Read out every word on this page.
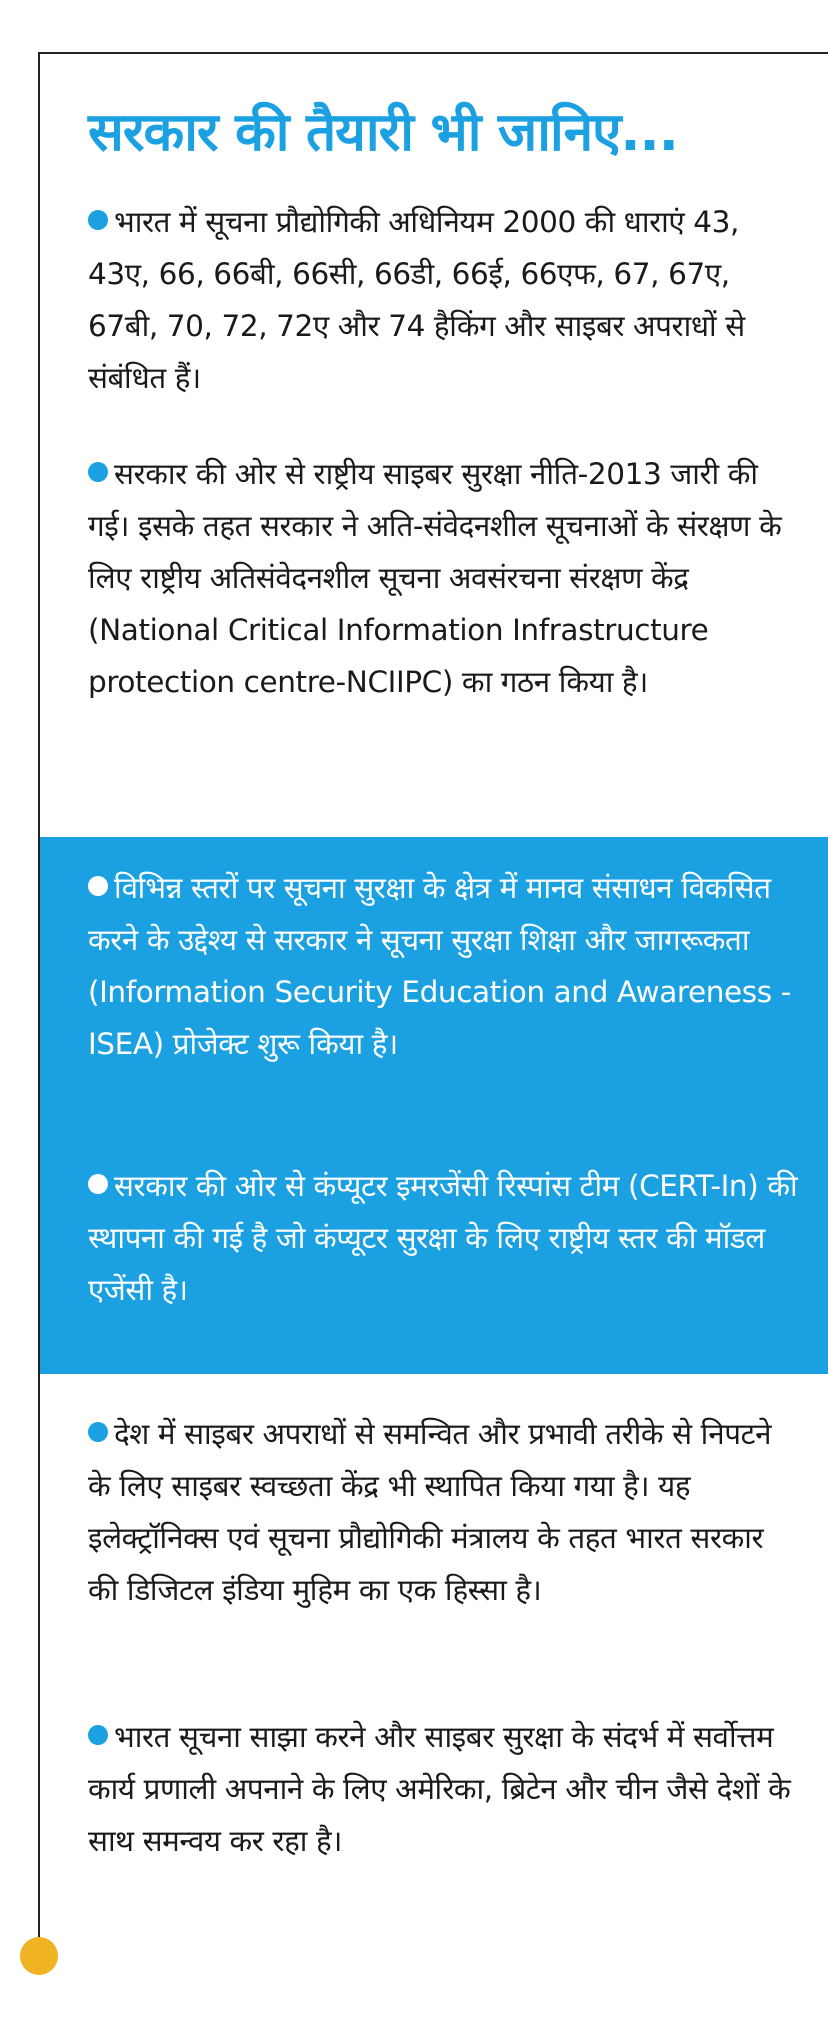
सरकार की तैयारी भी जानिए...

भारत में सूचना प्रौद्योगिकी अधिनियम 2000 की धाराएं 43, 43ए, 66, 66बी, 66सी, 66डी, 66ई, 66एफ, 67, 67ए, 67बी, 70, 72, 72ए और 74 हैकिंग और साइबर अपराधों से संबंधित हैं।

सरकार की ओर से राष्ट्रीय साइबर सुरक्षा नीति-2013 जारी की गई। इसके तहत सरकार ने अति-संवेदनशील सूचनाओं के संरक्षण के लिए राष्ट्रीय अतिसंवेदनशील सूचना अवसंरचना संरक्षण केंद्र (National Critical Information Infrastructure protection centre-NCIIPC) का गठन किया है।

विभिन्न स्तरों पर सूचना सुरक्षा के क्षेत्र में मानव संसाधन विकसित करने के उद्देश्य से सरकार ने सूचना सुरक्षा शिक्षा और जागरूकता (Information Security Education and Awareness - ISEA) प्रोजेक्ट शुरू किया है।

सरकार की ओर से कंप्यूटर इमरजेंसी रिस्पांस टीम (CERT-In) की स्थापना की गई है जो कंप्यूटर सुरक्षा के लिए राष्ट्रीय स्तर की मॉडल एजेंसी है।

देश में साइबर अपराधों से समन्वित और प्रभावी तरीके से निपटने के लिए साइबर स्वच्छता केंद्र भी स्थापित किया गया है। यह इलेक्ट्रॉनिक्स एवं सूचना प्रौद्योगिकी मंत्रालय के तहत भारत सरकार की डिजिटल इंडिया मुहिम का एक हिस्सा है।

भारत सूचना साझा करने और साइबर सुरक्षा के संदर्भ में सर्वोत्तम कार्य प्रणाली अपनाने के लिए अमेरिका, ब्रिटेन और चीन जैसे देशों के साथ समन्वय कर रहा है।
